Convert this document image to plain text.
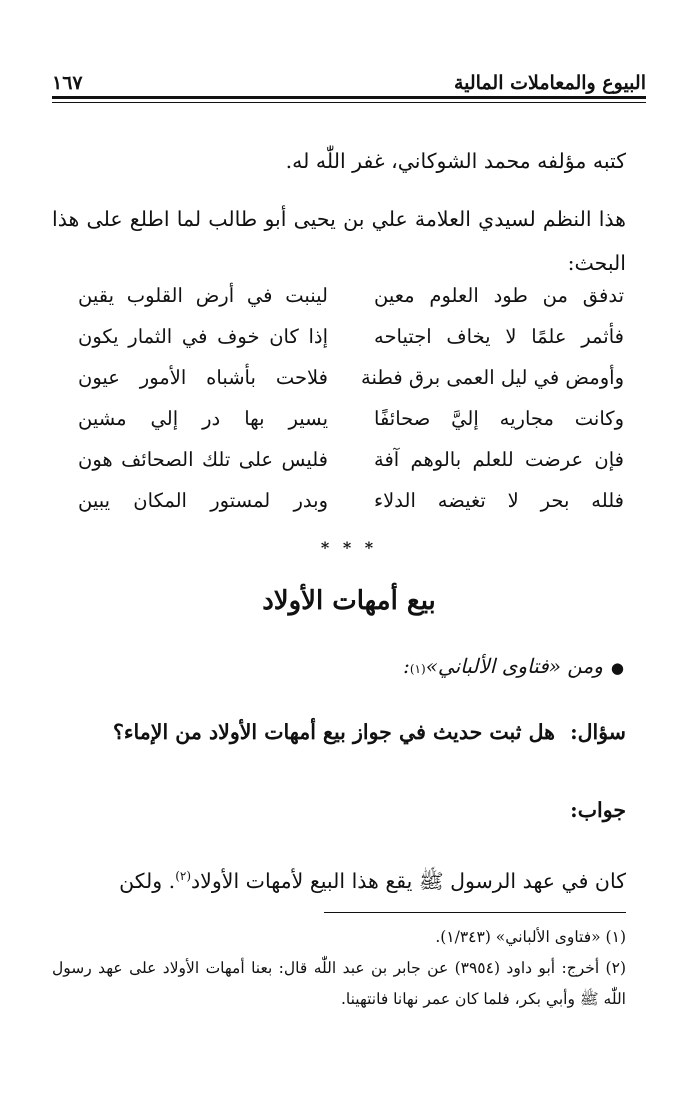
البيوع والمعاملات المالية
١٦٧

كتبه مؤلفه محمد الشوكاني، غفر اللّٰه له.

هذا النظم لسيدي العلامة علي بن يحيى أبو طالب لما اطلع على هذا البحث:

تدفق من طود العلوم معين
لينبت في أرض القلوب يقين
فأثمر علمًا لا يخاف اجتياحه
إذا كان خوف في الثمار يكون
وأومض في ليل العمى برق فطنة
فلاحت بأشباه الأمور عيون
وكانت مجاريه إليَّ صحائفًا
يسير بها در إلي مشين
فإن عرضت للعلم بالوهم آفة
فليس على تلك الصحائف هون
فلله بحر لا تغيضه الدلاء
وبدر لمستور المكان يبين
* * *
بيع أمهات الأولاد
●
ومن «فتاوى الألباني»
(١)
:

سؤال: هل ثبت حديث في جواز بيع أمهات الأولاد من الإماء؟

جواب:

كان في عهد الرسول ﷺ يقع هذا البيع لأمهات الأولاد$^{(٢)}$. ولكن

(١) «فتاوى الألباني» (١/٣٤٣).

(٢) أخرج: أبو داود (٣٩٥٤) عن جابر بن عبد اللّٰه قال: بعنا أمهات الأولاد على عهد رسول اللّٰه ﷺ وأبي بكر، فلما كان عمر نهانا فانتهينا.
